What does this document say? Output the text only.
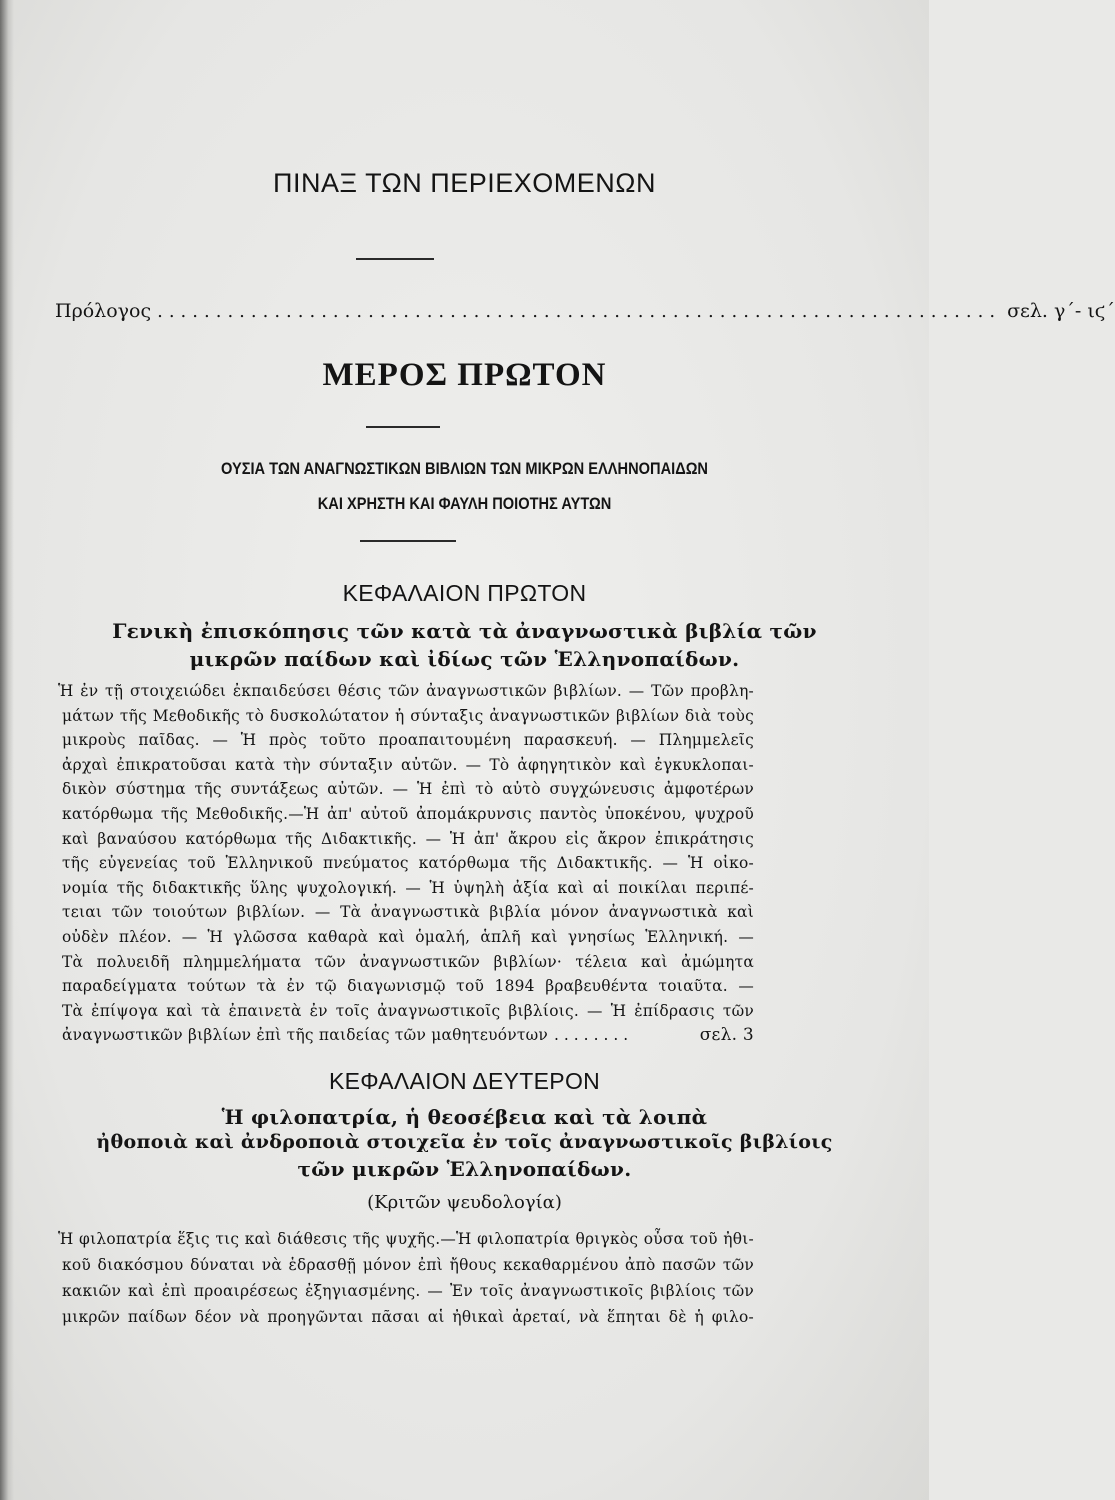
ΠΙΝΑΞ ΤΩΝ ΠΕΡΙΕΧΟΜΕΝΩΝ
Πρόλογος ........................................................................ σελ. γ΄- ιϛ΄
ΜΕΡΟΣ ΠΡΩΤΟΝ
ΟΥΣΙΑ ΤΩΝ ΑΝΑΓΝΩΣΤΙΚΩΝ ΒΙΒΛΙΩΝ ΤΩΝ ΜΙΚΡΩΝ ΕΛΛΗΝΟΠΑΙΔΩΝ
ΚΑΙ ΧΡΗΣΤΗ ΚΑΙ ΦΑΥΛΗ ΠΟΙΟΤΗΣ ΑΥΤΩΝ
ΚΕΦΑΛΑΙΟΝ ΠΡΩΤΟΝ
Γενικὴ ἐπισκόπησις τῶν κατὰ τὰ ἀναγνωστικὰ βιβλία τῶν
μικρῶν παίδων καὶ ἰδίως τῶν Ἑλληνοπαίδων.
Ἡ ἐν τῇ στοιχειώδει ἐκπαιδεύσει θέσις τῶν ἀναγνωστικῶν βιβλίων. — Τῶν προβλη-
μάτων τῆς Μεθοδικῆς τὸ δυσκολώτατον ἡ σύνταξις ἀναγνωστικῶν βιβλίων διὰ τοὺς
μικροὺς παῖδας. — Ἡ πρὸς τοῦτο προαπαιτουμένη παρασκευή. — Πλημμελεῖς
ἀρχαὶ ἐπικρατοῦσαι κατὰ τὴν σύνταξιν αὐτῶν. — Τὸ ἀφηγητικὸν καὶ ἐγκυκλοπαι-
δικὸν σύστημα τῆς συντάξεως αὐτῶν. — Ἡ ἐπὶ τὸ αὐτὸ συγχώνευσις ἀμφοτέρων
κατόρθωμα τῆς Μεθοδικῆς.—Ἡ ἀπ' αὐτοῦ ἀπομάκρυνσις παντὸς ὑποκένου, ψυχροῦ
καὶ βαναύσου κατόρθωμα τῆς Διδακτικῆς. — Ἡ ἀπ' ἄκρου εἰς ἄκρον ἐπικράτησις
τῆς εὐγενείας τοῦ Ἑλληνικοῦ πνεύματος κατόρθωμα τῆς Διδακτικῆς. — Ἡ οἰκο-
νομία τῆς διδακτικῆς ὕλης ψυχολογική. — Ἡ ὑψηλὴ ἀξία καὶ αἱ ποικίλαι περιπέ-
τειαι τῶν τοιούτων βιβλίων. — Τὰ ἀναγνωστικὰ βιβλία μόνον ἀναγνωστικὰ καὶ
οὐδὲν πλέον. — Ἡ γλῶσσα καθαρὰ καὶ ὁμαλή, ἁπλῆ καὶ γνησίως Ἑλληνική. —
Τὰ πολυειδῆ πλημμελήματα τῶν ἀναγνωστικῶν βιβλίων· τέλεια καὶ ἀμώμητα
παραδείγματα τούτων τὰ ἐν τῷ διαγωνισμῷ τοῦ 1894 βραβευθέντα τοιαῦτα. —
Τὰ ἐπίψογα καὶ τὰ ἐπαινετὰ ἐν τοῖς ἀναγνωστικοῖς βιβλίοις. — Ἡ ἐπίδρασις τῶν
ἀναγνωστικῶν βιβλίων ἐπὶ τῆς παιδείας τῶν μαθητευόντων ........	σελ. 3
ΚΕΦΑΛΑΙΟΝ ΔΕΥΤΕΡΟΝ
Ἡ φιλοπατρία, ἡ θεοσέβεια καὶ τὰ λοιπὰ
ἠθοποιὰ καὶ ἀνδροποιὰ στοιχεῖα ἐν τοῖς ἀναγνωστικοῖς βιβλίοις
τῶν μικρῶν Ἑλληνοπαίδων.
(Κριτῶν ψευδολογία)
Ἡ φιλοπατρία ἕξις τις καὶ διάθεσις τῆς ψυχῆς.—Ἡ φιλοπατρία θριγκὸς οὖσα τοῦ ἠθι-
κοῦ διακόσμου δύναται νὰ ἑδρασθῇ μόνον ἐπὶ ἤθους κεκαθαρμένου ἀπὸ πασῶν τῶν
κακιῶν καὶ ἐπὶ προαιρέσεως ἐξηγιασμένης. — Ἐν τοῖς ἀναγνωστικοῖς βιβλίοις τῶν
μικρῶν παίδων δέον νὰ προηγῶνται πᾶσαι αἱ ἠθικαὶ ἀρεταί, νὰ ἕπηται δὲ ἡ φιλο-
